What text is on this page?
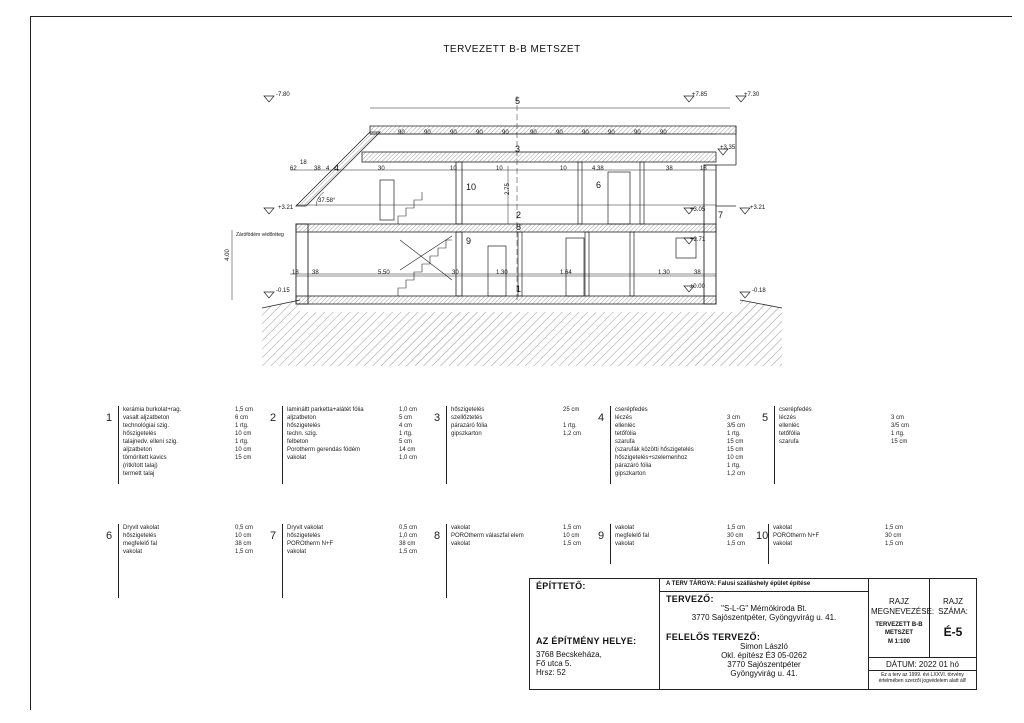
TERVEZETT B-B METSZET
-7.80	+7.85	+7.30
+3.35
+3.05
+3.21
+2.71
+3.21
-0.15
±0.00
-0.18
90	90	90	90	90	90	90	90	90	90	90
62
18
38 4	30	10	10	10	4.38	38	18
18 38	5.50	30	1.30	1.64	1.30	38
5
3
10	6
2
8
9
1
7
4
37.58°
Zárófödém védőréteg
4.00
2.75
1
kerámia burkolat+rag.	1,5 cm
vasalt aljzatbeton	6 cm
technológiai szig.	1 rtg.
hőszigetelés	10 cm
talajnedv. elleni szig.	1 rtg.
aljzatbeton	10 cm
tömörített kavics	15 cm
(ritkított talaj)
termett talaj
2
lamináltt parketta+alátét fólia	1,0 cm
aljzatbeton	5 cm
hőszigetelés	4 cm
techn. szig.	1 rtg.
felbeton	5 cm
Porotherm gerendás födém	14 cm
vakolat	1,0 cm
3
hőszigetelés	25 cm
szellőztetés
párazáró fólia	1 rtg.
gipszkarton	1,2 cm
4
cserépfedés
léczés	3 cm
ellenléc	3/5 cm
tetőfólia	1 rtg.
szarufa	15 cm
(szarufák közötti hőszigetelés	15 cm
hőszigetelés+szelemenhoz	10 cm
párazáró fólia	1 rtg.
gipszkarton	1,2 cm
5
cserépfedés
léczés	3 cm
ellenléc	3/5 cm
tetőfólia	1 rtg.
szarufa	15 cm
6
Dryvit vakolat	0,5 cm
hőszigetelés	10 cm
megfelelő fal	38 cm
vakolat	1,5 cm
7
Dryvit vakolat	0,5 cm
hőszigetelés	1,0 cm
POROtherm N+F	38 cm
vakolat	1,5 cm
8
vakolat	1,5 cm
POROtherm válaszfal elem	10 cm
vakolat	1,5 cm
9
vakolat	1,5 cm
megfelelő fal	30 cm
vakolat	1,5 cm
10
vakolat	1,5 cm
POROtherm N+F	30 cm
vakolat	1,5 cm
ÉPÍTTETŐ:
AZ ÉPÍTMÉNY HELYE:
3768 Becskeháza,
Fő utca 5.
Hrsz: 52
A TERV TÁRGYA: Falusi szálláshely épület építése
TERVEZŐ:
"S-L-G" Mérnökiroda Bt.
3770 Sajószentpéter, Gyöngyvirág u. 41.
FELELŐS TERVEZŐ:
Simon László
Okl. építész É3 05-0262
3770 Sajószentpéter
Gyöngyvirág u. 41.
RAJZ MEGNEVEZÉSE:
TERVEZETT B-B METSZET
M 1:100
RAJZ SZÁMA:
É-5
DÁTUM: 2022 01 hó
Ez a terv az 1999. évi LXXVI. törvény értelmében szerzői jogvédelem alatt áll!
